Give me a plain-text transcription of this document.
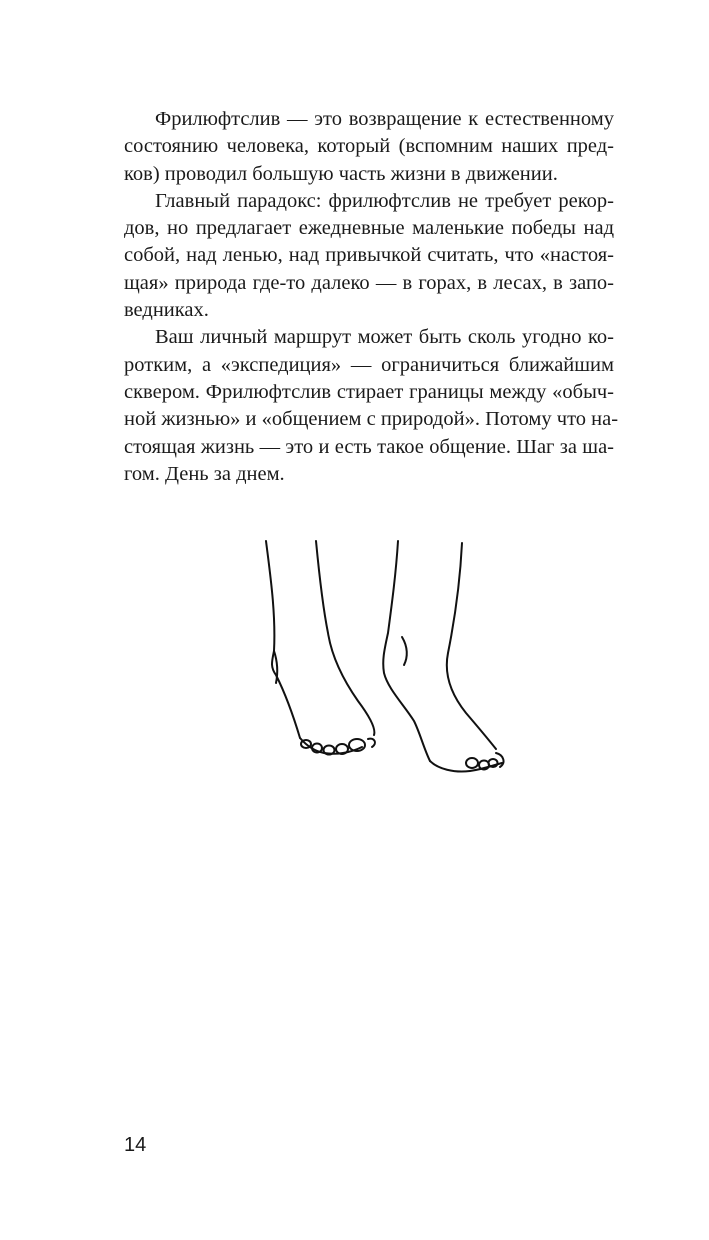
Фрилюфтслив — это возвращение к естественному
состоянию человека, который (вспомним наших пред-
ков) проводил большую часть жизни в движении.
Главный парадокс: фрилюфтслив не требует рекор-
дов, но предлагает ежедневные маленькие победы над
собой, над ленью, над привычкой считать, что «настоя-
щая» природа где-то далеко — в горах, в лесах, в запо-
ведниках.
Ваш личный маршрут может быть сколь угодно ко-
ротким, а «экспедиция» — ограничиться ближайшим
сквером. Фрилюфтслив стирает границы между «обыч-
ной жизнью» и «общением с природой». Потому что на-
стоящая жизнь — это и есть такое общение. Шаг за ша-
гом. День за днем.
14
